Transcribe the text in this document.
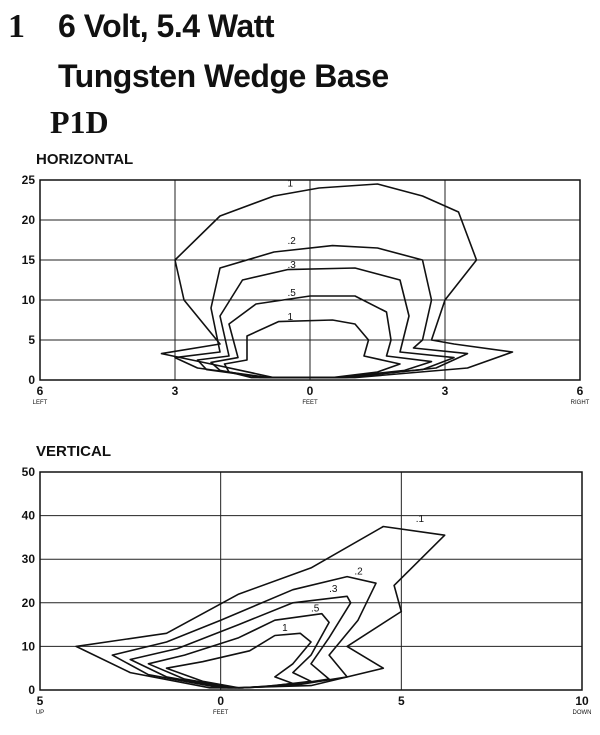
1 6 Volt, 5.4 Watt
Tungsten Wedge Base
P1D
HORIZONTAL
0
5
10
15
20
25
6	3	0	3	6
LEFT	FEET	RIGHT
1
.2
.3
.5
1
VERTICAL
0
10
20
30
40
50
5	0	5	10
UP	FEET	DOWN
.1
.2
.3
.5
1
